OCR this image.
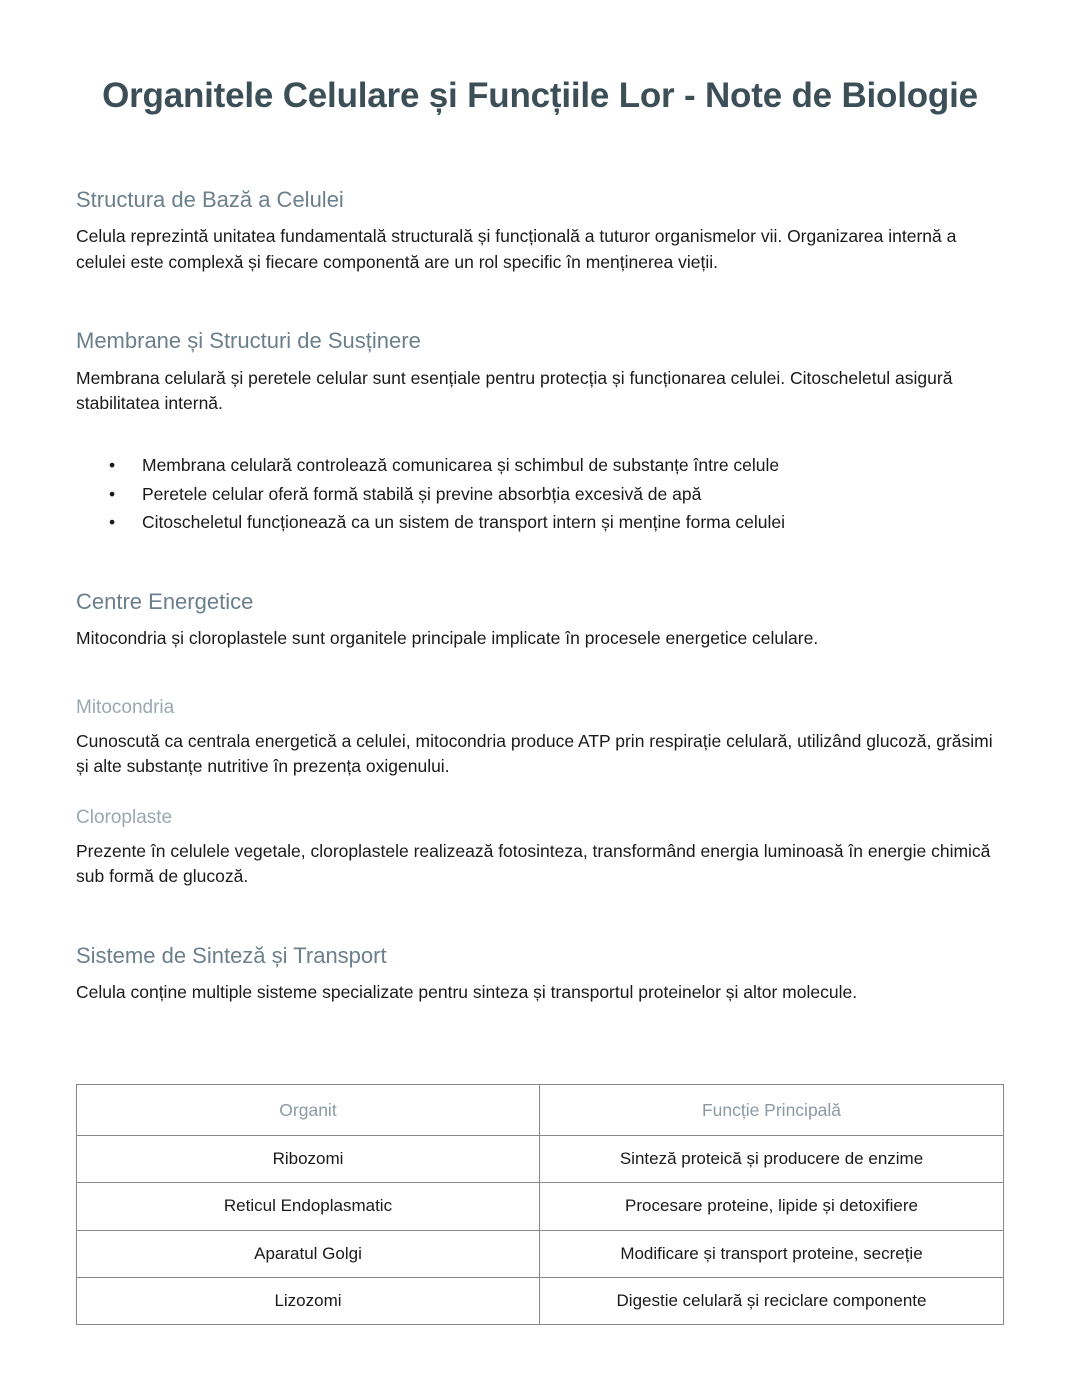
Organitele Celulare și Funcțiile Lor - Note de Biologie
Structura de Bază a Celulei

Celula reprezintă unitatea fundamentală structurală și funcțională a tuturor organismelor vii. Organizarea internă a celulei este complexă și fiecare componentă are un rol specific în menținerea vieții.

Membrane și Structuri de Susținere

Membrana celulară și peretele celular sunt esențiale pentru protecția și funcționarea celulei. Citoscheletul asigură stabilitatea internă.

• Membrana celulară controlează comunicarea și schimbul de substanțe între celule
• Peretele celular oferă formă stabilă și previne absorbția excesivă de apă
• Citoscheletul funcționează ca un sistem de transport intern și menține forma celulei
Centre Energetice

Mitocondria și cloroplastele sunt organitele principale implicate în procesele energetice celulare.

Mitocondria

Cunoscută ca centrala energetică a celulei, mitocondria produce ATP prin respirație celulară, utilizând glucoză, grăsimi și alte substanțe nutritive în prezența oxigenului.

Cloroplaste

Prezente în celulele vegetale, cloroplastele realizează fotosinteza, transformând energia luminoasă în energie chimică sub formă de glucoză.

Sisteme de Sinteză și Transport

Celula conține multiple sisteme specializate pentru sinteza și transportul proteinelor și altor molecule.

Organit	Funcție Principală
Ribozomi	Sinteză proteică și producere de enzime
Reticul Endoplasmatic	Procesare proteine, lipide și detoxifiere
Aparatul Golgi	Modificare și transport proteine, secreție
Lizozomi	Digestie celulară și reciclare componente
